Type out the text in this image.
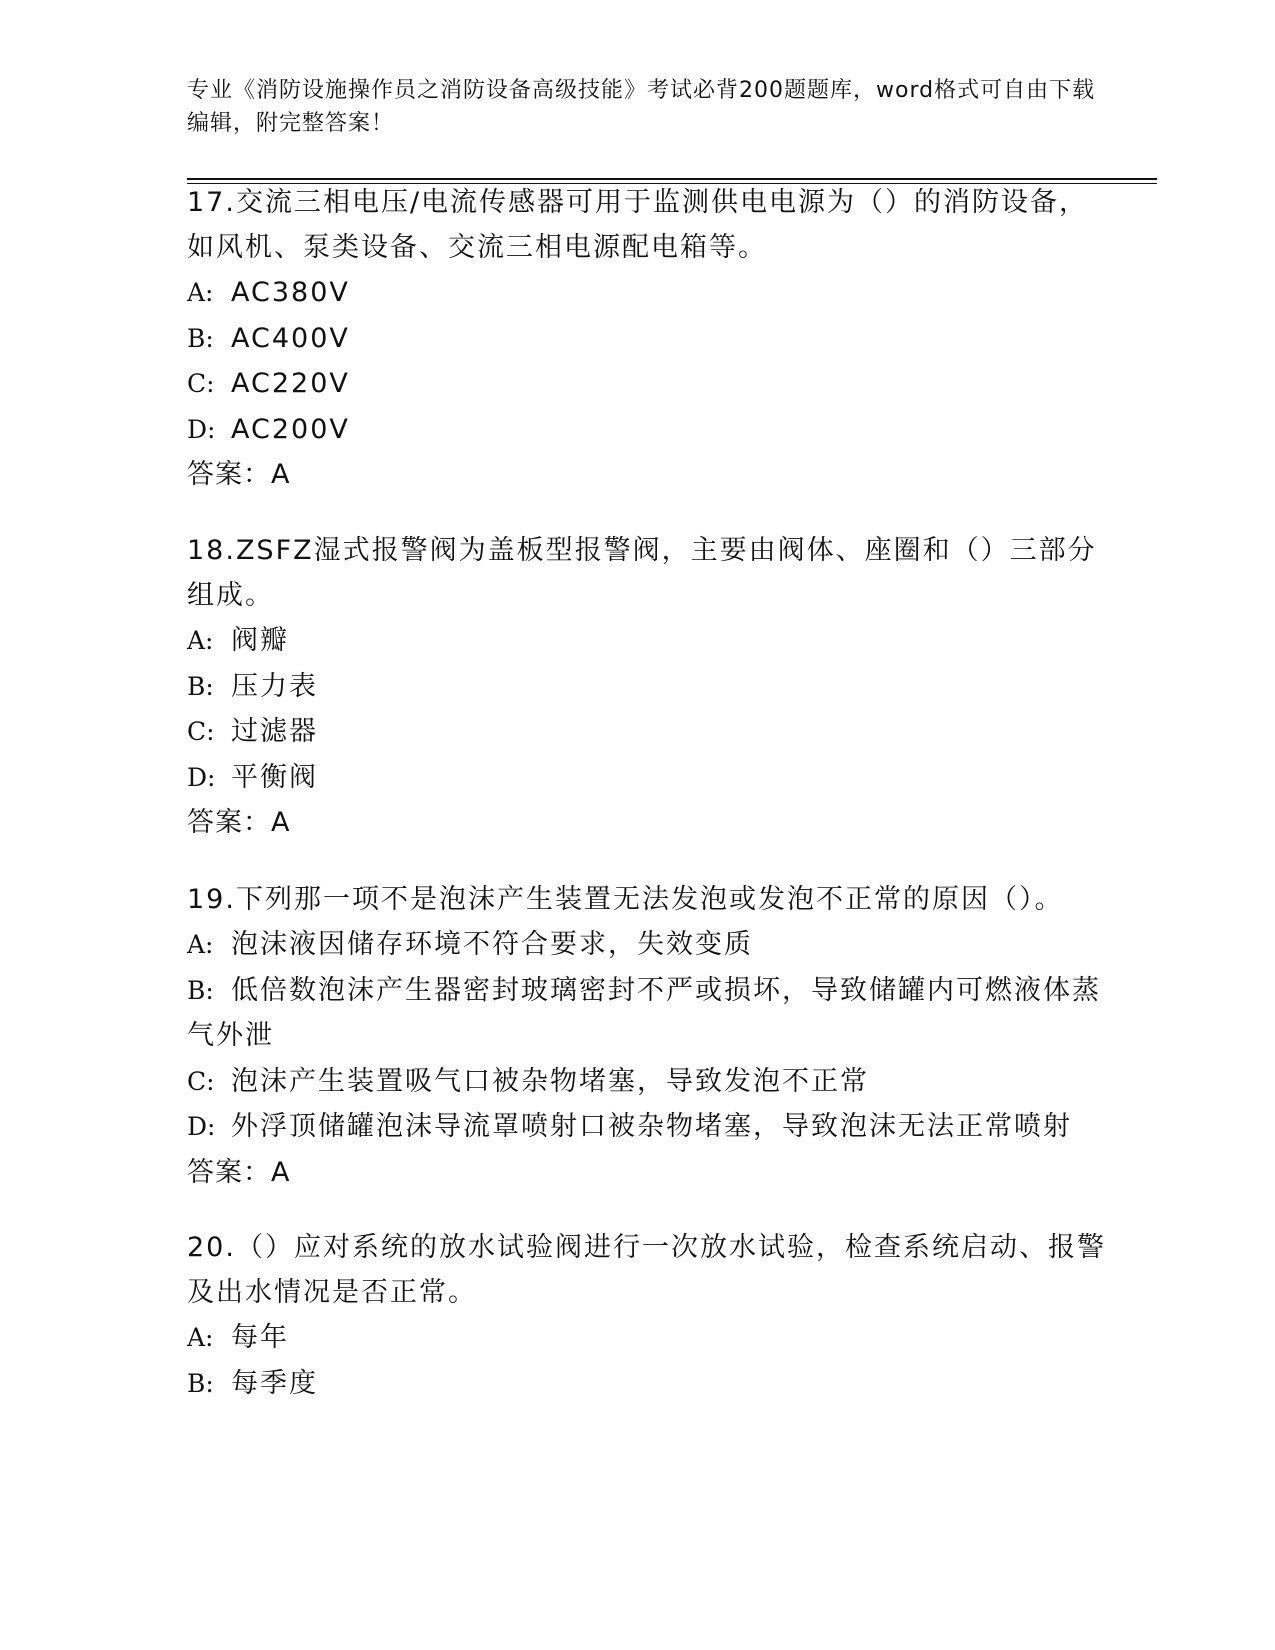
专业《消防设施操作员之消防设备高级技能》考试必背200题题库，word格式可自由下载编辑，附完整答案！

17.交流三相电压/电流传感器可用于监测供电电源为（）的消防设备，如风机、泵类设备、交流三相电源配电箱等。

A: AC380V

B: AC400V

C: AC220V

D: AC200V

答案：A

18.ZSFZ湿式报警阀为盖板型报警阀，主要由阀体、座圈和（）三部分组成。

A: 阀瓣

B: 压力表

C: 过滤器

D: 平衡阀

答案：A

19.下列那一项不是泡沫产生装置无法发泡或发泡不正常的原因（）。

A: 泡沫液因储存环境不符合要求，失效变质

B: 低倍数泡沫产生器密封玻璃密封不严或损坏，导致储罐内可燃液体蒸气外泄

C: 泡沫产生装置吸气口被杂物堵塞，导致发泡不正常

D: 外浮顶储罐泡沫导流罩喷射口被杂物堵塞，导致泡沫无法正常喷射

答案：A

20.（）应对系统的放水试验阀进行一次放水试验，检查系统启动、报警及出水情况是否正常。

A: 每年

B: 每季度
